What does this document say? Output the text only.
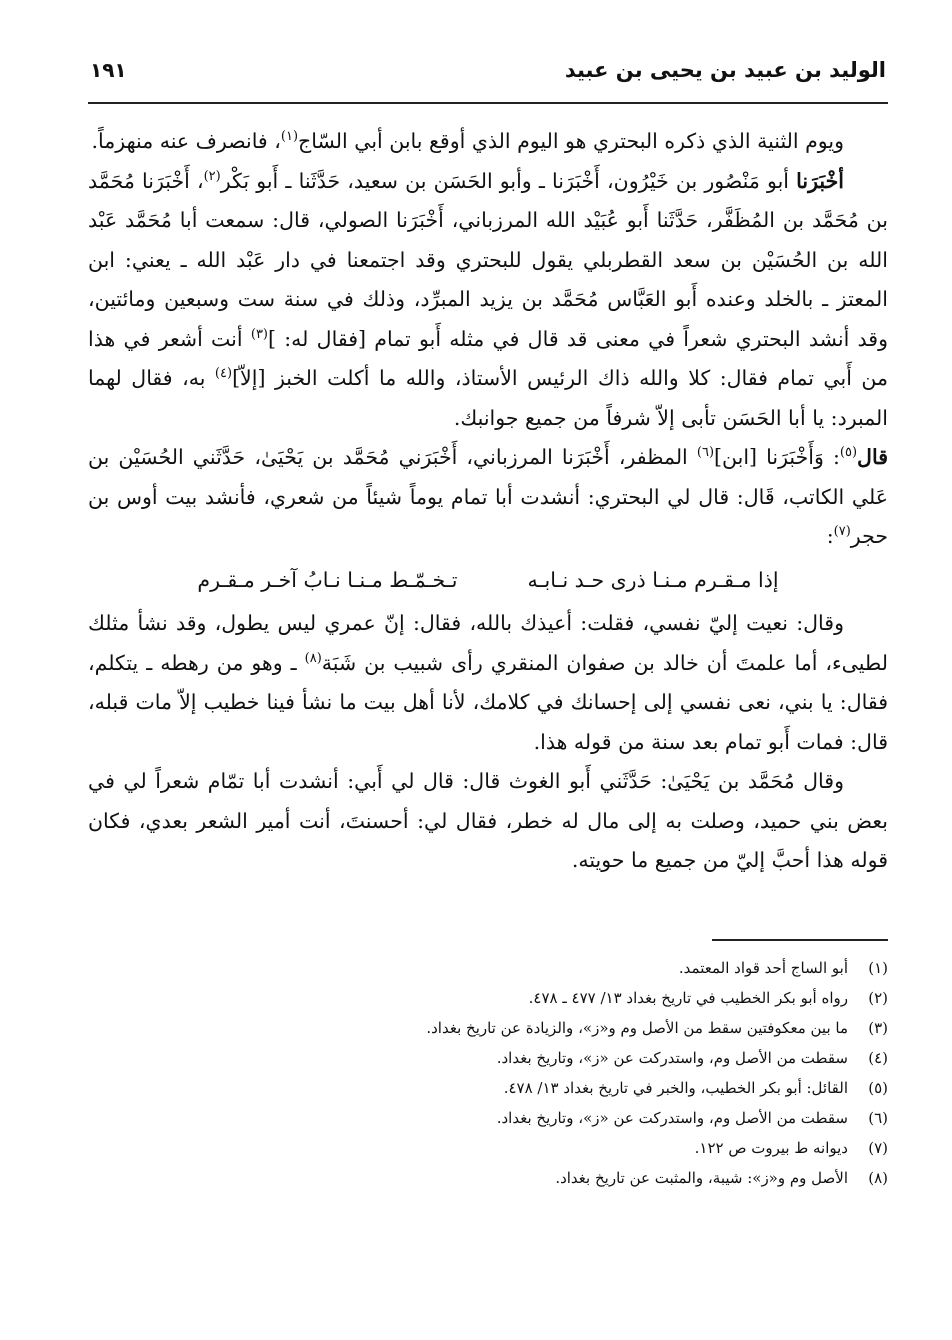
الوليد بن عبيد بن يحيى بن عبيد
١٩١

ويوم الثنية الذي ذكره البحتري هو اليوم الذي أوقع بابن أبي السّاج$^{(١)}$، فانصرف عنه منهزماً.

أخْبَرَنا أبو مَنْصُور بن خَيْرُون، أَخْبَرَنا ـ وأبو الحَسَن بن سعيد، حَدَّثَنا ـ أَبو بَكْر$^{(٢)}$، أَخْبَرَنا مُحَمَّد بن مُحَمَّد بن المُظَفَّر، حَدَّثَنا أَبو عُبَيْد الله المرزباني، أَخْبَرَنا الصولي، قال: سمعت أبا مُحَمَّد عَبْد الله بن الحُسَيْن بن سعد القطربلي يقول للبحتري وقد اجتمعنا في دار عَبْد الله ـ يعني: ابن المعتز ـ بالخلد وعنده أَبو العَبَّاس مُحَمَّد بن يزيد المبرِّد، وذلك في سنة ست وسبعين ومائتين، وقد أنشد البحتري شعراً في معنى قد قال في مثله أَبو تمام [فقال له: ]$^{(٣)}$ أنت أشعر في هذا من أَبي تمام فقال: كلا والله ذاك الرئيس الأستاذ، والله ما أكلت الخبز [إلاّ]$^{(٤)}$ به، فقال لهما المبرد: يا أبا الحَسَن تأبى إلاّ شرفاً من جميع جوانبك.

قال$^{(٥)}$: وَأَخْبَرَنا [ابن]$^{(٦)}$ المظفر، أَخْبَرَنا المرزباني، أَخْبَرَني مُحَمَّد بن يَحْيَىٰ، حَدَّثَني الحُسَيْن بن عَلي الكاتب، قَال: قال لي البحتري: أنشدت أبا تمام يوماً شيئاً من شعري، فأنشد بيت أوس بن حجر$^{(٧)}$:

إذا مـقـرم مـنـا ذرى حـد نـابـه
تـخـمّـط مـنـا نـابُ آخـر مـقـرم

وقال: نعيت إليّ نفسي، فقلت: أعيذك بالله، فقال: إنّ عمري ليس يطول، وقد نشأ مثلك لطيىء، أما علمتَ أن خالد بن صفوان المنقري رأى شبيب بن شَبَة$^{(٨)}$ ـ وهو من رهطه ـ يتكلم، فقال: يا بني، نعى نفسي إلى إحسانك في كلامك، لأنا أهل بيت ما نشأ فينا خطيب إلاّ مات قبله، قال: فمات أَبو تمام بعد سنة من قوله هذا.

وقال مُحَمَّد بن يَحْيَىٰ: حَدَّثَني أَبو الغوث قال: قال لي أَبي: أنشدت أبا تمّام شعراً لي في بعض بني حميد، وصلت به إلى مال له خطر، فقال لي: أحسنتَ، أنت أمير الشعر بعدي، فكان قوله هذا أحبَّ إليّ من جميع ما حويته.

(١)
أبو الساج أحد قواد المعتمد.
(٢)
رواه أبو بكر الخطيب في تاريخ بغداد ١٣/ ٤٧٧ ـ ٤٧٨.
(٣)
ما بين معكوفتين سقط من الأصل وم و«ز»، والزيادة عن تاريخ بغداد.
(٤)
سقطت من الأصل وم، واستدركت عن «ز»، وتاريخ بغداد.
(٥)
القائل: أبو بكر الخطيب، والخبر في تاريخ بغداد ١٣/ ٤٧٨.
(٦)
سقطت من الأصل وم، واستدركت عن «ز»، وتاريخ بغداد.
(٧)
ديوانه ط بيروت ص ١٢٢.
(٨)
الأصل وم و«ز»: شيبة، والمثبت عن تاريخ بغداد.
